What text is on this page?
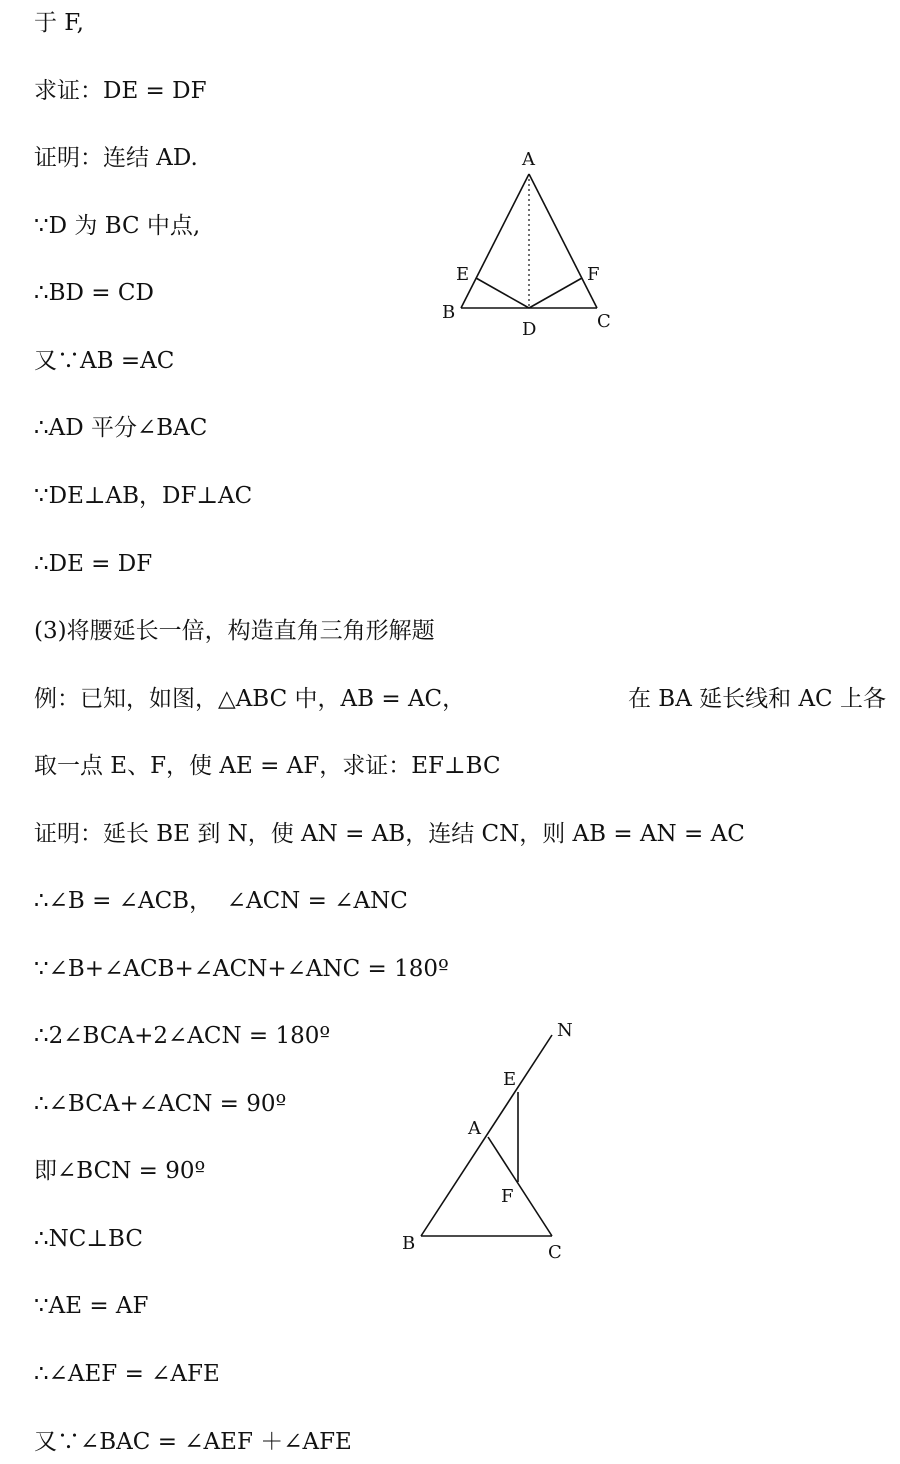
于 F,
求证：DE = DF
证明：连结 AD.
∵D 为 BC 中点,
∴BD = CD
又∵AB =AC
∴AD 平分∠BAC
∵DE⊥AB，DF⊥AC
∴DE = DF
(3)将腰延长一倍，构造直角三角形解题
例：已知，如图，△ABC 中，AB = AC，	在 BA 延长线和 AC 上各
取一点 E、F，使 AE = AF，求证：EF⊥BC
证明：延长 BE 到 N，使 AN = AB，连结 CN，则 AB = AN = AC
∴∠B = ∠ACB，  ∠ACN = ∠ANC
∵∠B+∠ACB+∠ACN+∠ANC = 180º
∴2∠BCA+2∠ACN = 180º
∴∠BCA+∠ACN = 90º
即∠BCN = 90º
∴NC⊥BC
∵AE = AF
∴∠AEF = ∠AFE
又∵∠BAC = ∠AEF ＋∠AFE
A
B	C
D
E	F
N
E
A
F
B	C
